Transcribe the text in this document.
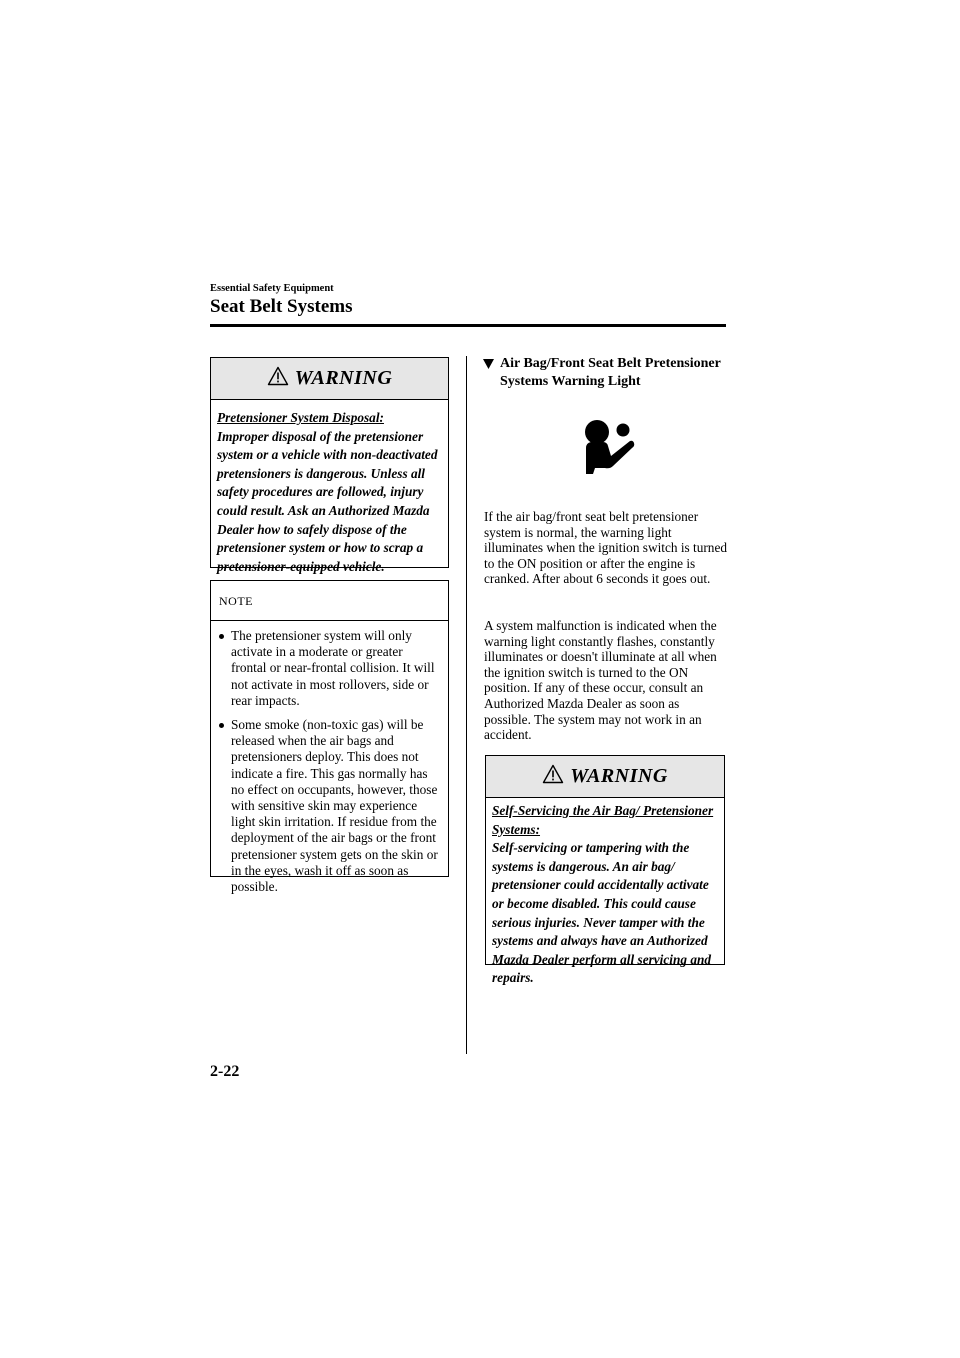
Essential Safety Equipment
Seat Belt Systems
WARNING
Pretensioner System Disposal:
Improper disposal of the pretensioner system or a vehicle with non-deactivated pretensioners is dangerous. Unless all safety procedures are followed, injury could result. Ask an Authorized Mazda Dealer how to safely dispose of the pretensioner system or how to scrap a pretensioner-equipped vehicle.
NOTE
The pretensioner system will only activate in a moderate or greater frontal or near-frontal collision. It will not activate in most rollovers, side or rear impacts.
Some smoke (non-toxic gas) will be released when the air bags and pretensioners deploy. This does not indicate a fire. This gas normally has no effect on occupants, however, those with sensitive skin may experience light skin irritation. If residue from the deployment of the air bags or the front pretensioner system gets on the skin or in the eyes, wash it off as soon as possible.
Air Bag/Front Seat Belt Pretensioner Systems Warning Light
If the air bag/front seat belt pretensioner system is normal, the warning light illuminates when the ignition switch is turned to the ON position or after the engine is cranked. After about 6 seconds it goes out.
A system malfunction is indicated when the warning light constantly flashes, constantly illuminates or doesn't illuminate at all when the ignition switch is turned to the ON position. If any of these occur, consult an Authorized Mazda Dealer as soon as possible. The system may not work in an accident.
WARNING
Self-Servicing the Air Bag/ Pretensioner Systems:
Self-servicing or tampering with the systems is dangerous. An air bag/ pretensioner could accidentally activate or become disabled. This could cause serious injuries. Never tamper with the systems and always have an Authorized Mazda Dealer perform all servicing and repairs.
2-22
